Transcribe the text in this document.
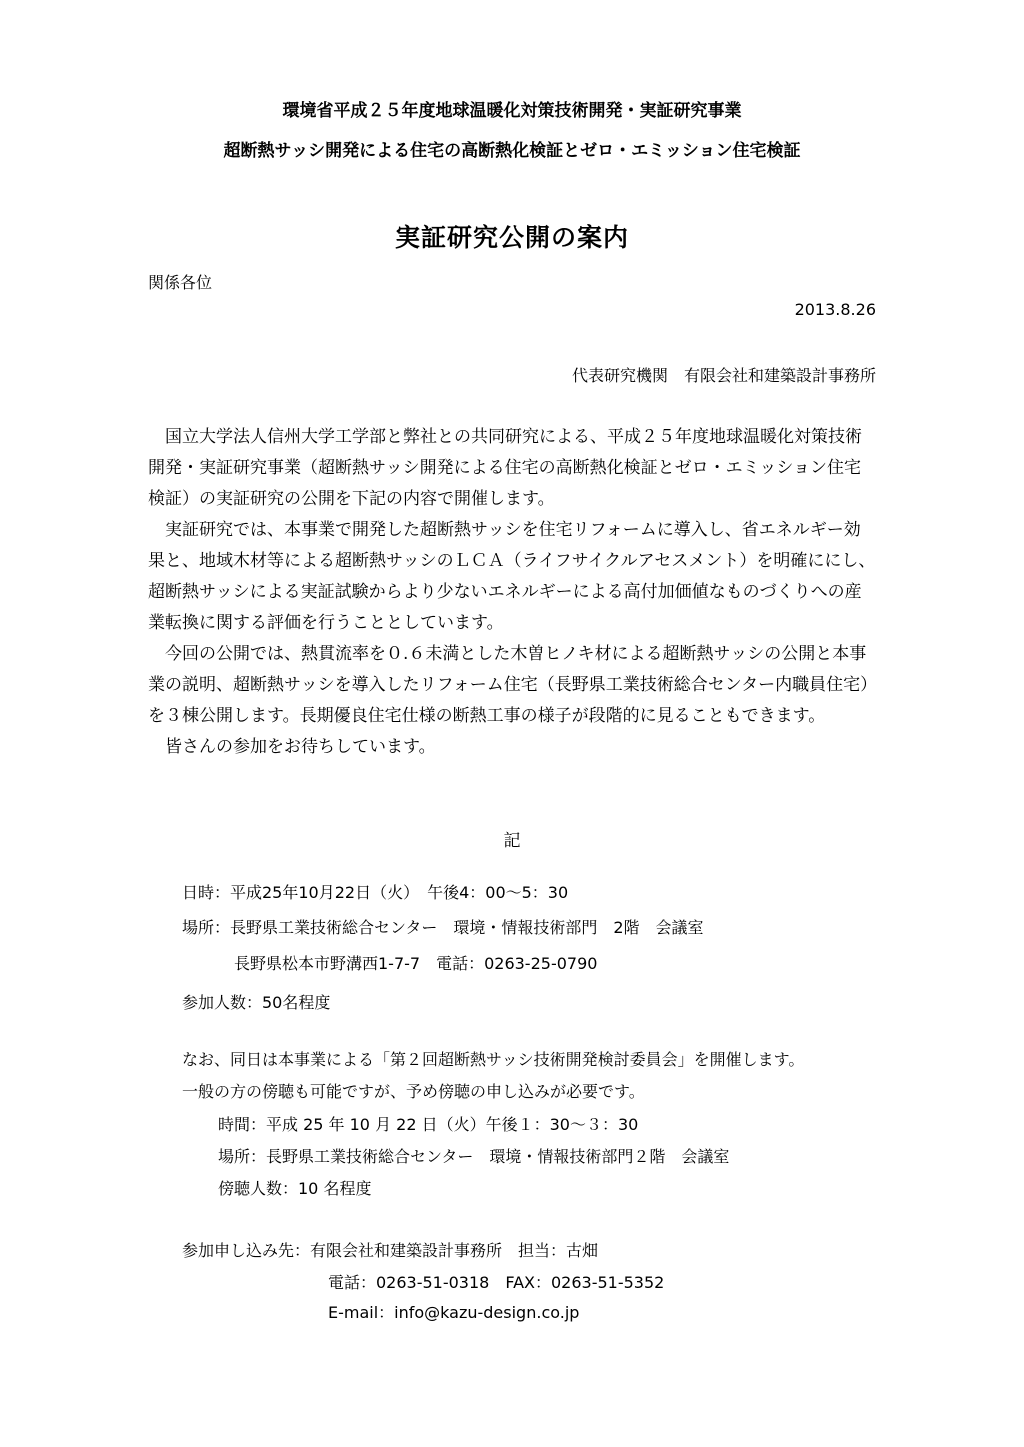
環境省平成２５年度地球温暖化対策技術開発・実証研究事業
超断熱サッシ開発による住宅の高断熱化検証とゼロ・エミッション住宅検証
実証研究公開の案内
関係各位
2013.8.26
代表研究機関　有限会社和建築設計事務所

国立大学法人信州大学工学部と弊社との共同研究による、平成２５年度地球温暖化対策技術開発・実証研究事業（超断熱サッシ開発による住宅の高断熱化検証とゼロ・エミッション住宅検証）の実証研究の公開を下記の内容で開催します。

実証研究では、本事業で開発した超断熱サッシを住宅リフォームに導入し、省エネルギー効果と、地域木材等による超断熱サッシのＬＣＡ（ライフサイクルアセスメント）を明確ににし、超断熱サッシによる実証試験からより少ないエネルギーによる高付加価値なものづくりへの産業転換に関する評価を行うこととしています。

今回の公開では、熱貫流率を０.６未満とした木曽ヒノキ材による超断熱サッシの公開と本事業の説明、超断熱サッシを導入したリフォーム住宅（長野県工業技術総合センター内職員住宅）を３棟公開します。長期優良住宅仕様の断熱工事の様子が段階的に見ることもできます。

皆さんの参加をお待ちしています。

記
日時：平成25年10月22日（火）　午後4：00～5：30
場所：長野県工業技術総合センター　環境・情報技術部門　2階　会議室
長野県松本市野溝西1-7-7　電話：0263-25-0790
参加人数：50名程度
なお、同日は本事業による「第２回超断熱サッシ技術開発検討委員会」を開催します。
一般の方の傍聴も可能ですが、予め傍聴の申し込みが必要です。
時間：平成 25 年 10 月 22 日（火）午後１：30～３：30
場所：長野県工業技術総合センター　環境・情報技術部門２階　会議室
傍聴人数：10 名程度
参加申し込み先：有限会社和建築設計事務所　担当：古畑
電話：0263-51-0318　FAX：0263-51-5352
E-mail：info@kazu-design.co.jp
